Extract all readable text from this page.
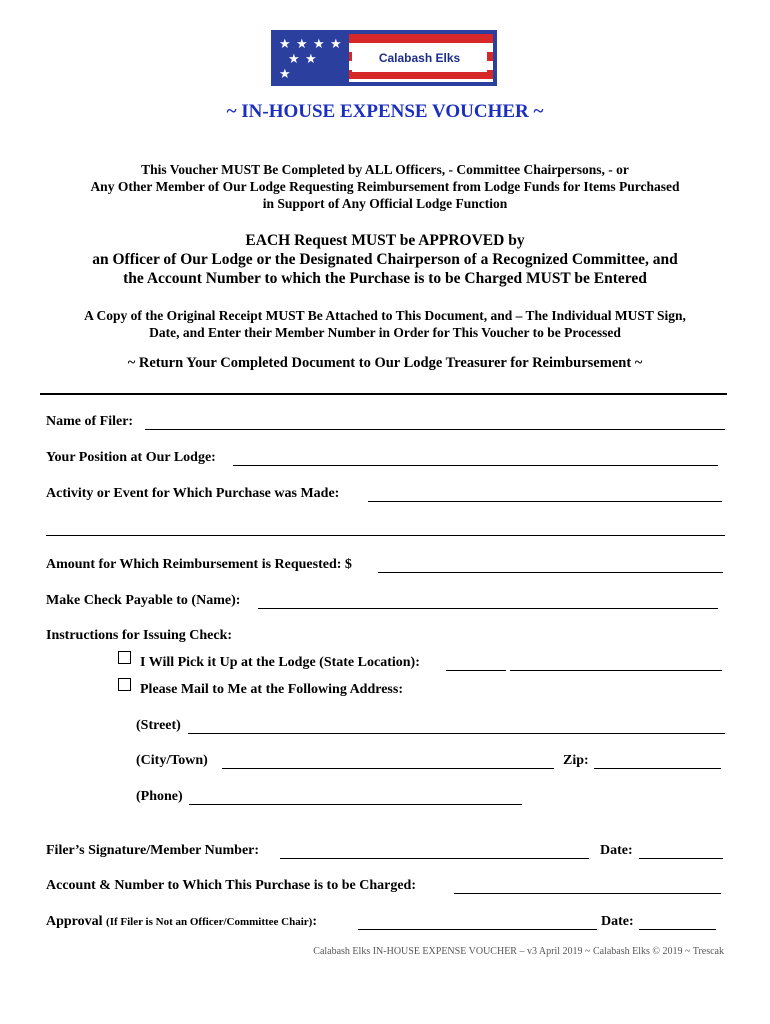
★ ★ ★ ★
★ ★
★
Calabash Elks
~ IN-HOUSE EXPENSE VOUCHER ~
This Voucher MUST Be Completed by ALL Officers, - Committee Chairpersons, - or
Any Other Member of Our Lodge Requesting Reimbursement from Lodge Funds for Items Purchased
in Support of Any Official Lodge Function
EACH Request MUST be APPROVED by
an Officer of Our Lodge or the Designated Chairperson of a Recognized Committee, and
the Account Number to which the Purchase is to be Charged MUST be Entered
A Copy of the Original Receipt MUST Be Attached to This Document, and – The Individual MUST Sign,
Date, and Enter their Member Number in Order for This Voucher to be Processed
~ Return Your Completed Document to Our Lodge Treasurer for Reimbursement ~
Name of Filer:
Your Position at Our Lodge:
Activity or Event for Which Purchase was Made:
Amount for Which Reimbursement is Requested: $
Make Check Payable to (Name):
Instructions for Issuing Check:
I Will Pick it Up at the Lodge (State Location):
Please Mail to Me at the Following Address:
(Street)
(City/Town)	Zip:
(Phone)
Filer’s Signature/Member Number:	Date:
Account & Number to Which This Purchase is to be Charged:
Approval (If Filer is Not an Officer/Committee Chair):	Date:
Calabash Elks IN-HOUSE EXPENSE VOUCHER – v3 April 2019 ~ Calabash Elks © 2019 ~ Trescak
